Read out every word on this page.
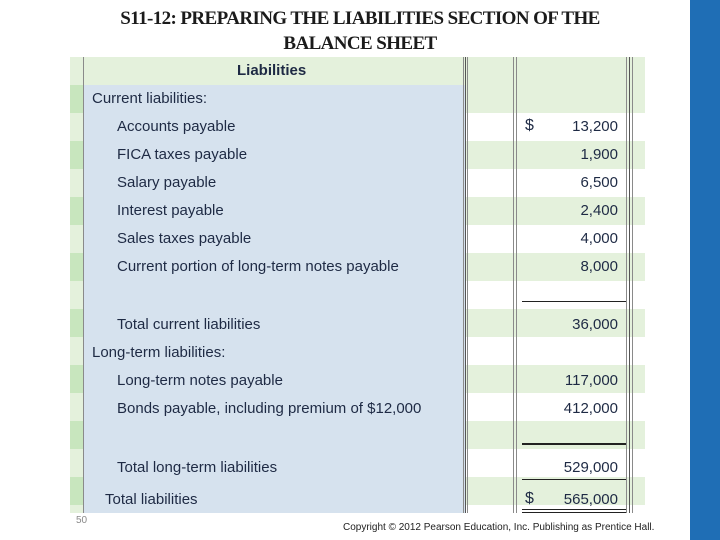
S11-12: PREPARING THE LIABILITIES SECTION OF THE
BALANCE SHEET
Liabilities
Current liabilities:
Accounts payable	$	13,200
FICA taxes payable	1,900
Salary payable	6,500
Interest payable	2,400
Sales taxes payable	4,000
Current portion of long-term notes payable	8,000
Total current liabilities	36,000
Long-term liabilities:
Long-term notes payable	117,000
Bonds payable, including premium of $12,000	412,000
Total long-term liabilities	529,000
Total liabilities	$	565,000
50
Copyright © 2012 Pearson Education, Inc. Publishing as Prentice Hall.
